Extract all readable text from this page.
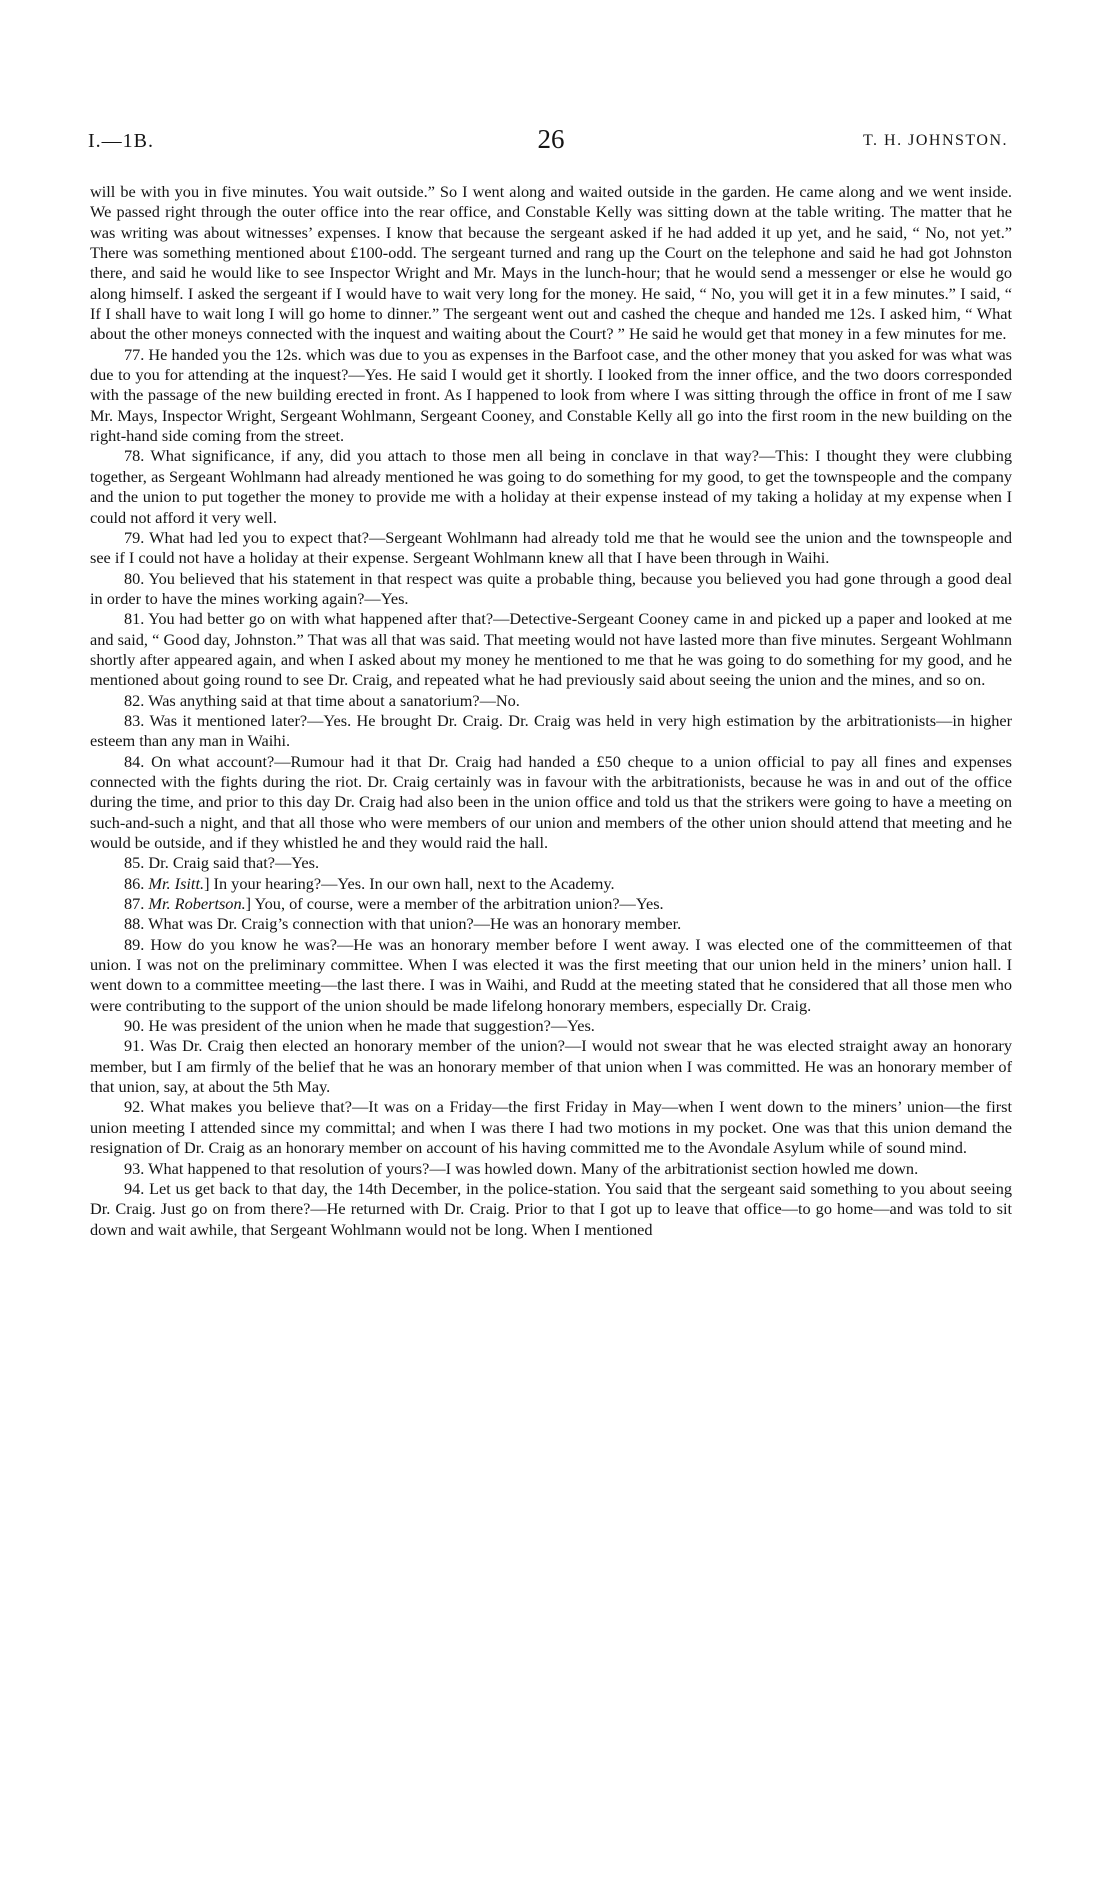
I.—1B.	26	T. H. JOHNSTON.

will be with you in five minutes. You wait outside.” So I went along and waited outside in the garden. He came along and we went inside. We passed right through the outer office into the rear office, and Constable Kelly was sitting down at the table writing. The matter that he was writing was about witnesses’ expenses. I know that because the sergeant asked if he had added it up yet, and he said, “ No, not yet.” There was something mentioned about £100-odd. The sergeant turned and rang up the Court on the telephone and said he had got Johnston there, and said he would like to see Inspector Wright and Mr. Mays in the lunch-hour; that he would send a messenger or else he would go along himself. I asked the sergeant if I would have to wait very long for the money. He said, “ No, you will get it in a few minutes.” I said, “ If I shall have to wait long I will go home to dinner.” The sergeant went out and cashed the cheque and handed me 12s. I asked him, “ What about the other moneys connected with the inquest and waiting about the Court? ” He said he would get that money in a few minutes for me.

77. He handed you the 12s. which was due to you as expenses in the Barfoot case, and the other money that you asked for was what was due to you for attending at the inquest?—Yes. He said I would get it shortly. I looked from the inner office, and the two doors corresponded with the passage of the new building erected in front. As I happened to look from where I was sitting through the office in front of me I saw Mr. Mays, Inspector Wright, Sergeant Wohlmann, Sergeant Cooney, and Constable Kelly all go into the first room in the new building on the right-hand side coming from the street.

78. What significance, if any, did you attach to those men all being in conclave in that way?—This: I thought they were clubbing together, as Sergeant Wohlmann had already mentioned he was going to do something for my good, to get the townspeople and the company and the union to put together the money to provide me with a holiday at their expense instead of my taking a holiday at my expense when I could not afford it very well.

79. What had led you to expect that?—Sergeant Wohlmann had already told me that he would see the union and the townspeople and see if I could not have a holiday at their expense. Sergeant Wohlmann knew all that I have been through in Waihi.

80. You believed that his statement in that respect was quite a probable thing, because you believed you had gone through a good deal in order to have the mines working again?—Yes.

81. You had better go on with what happened after that?—Detective-Sergeant Cooney came in and picked up a paper and looked at me and said, “ Good day, Johnston.” That was all that was said. That meeting would not have lasted more than five minutes. Sergeant Wohlmann shortly after appeared again, and when I asked about my money he mentioned to me that he was going to do something for my good, and he mentioned about going round to see Dr. Craig, and repeated what he had previously said about seeing the union and the mines, and so on.

82. Was anything said at that time about a sanatorium?—No.

83. Was it mentioned later?—Yes. He brought Dr. Craig. Dr. Craig was held in very high estimation by the arbitrationists—in higher esteem than any man in Waihi.

84. On what account?—Rumour had it that Dr. Craig had handed a £50 cheque to a union official to pay all fines and expenses connected with the fights during the riot. Dr. Craig certainly was in favour with the arbitrationists, because he was in and out of the office during the time, and prior to this day Dr. Craig had also been in the union office and told us that the strikers were going to have a meeting on such-and-such a night, and that all those who were members of our union and members of the other union should attend that meeting and he would be outside, and if they whistled he and they would raid the hall.

85. Dr. Craig said that?—Yes.

86. Mr. Isitt.] In your hearing?—Yes. In our own hall, next to the Academy.

87. Mr. Robertson.] You, of course, were a member of the arbitration union?—Yes.

88. What was Dr. Craig’s connection with that union?—He was an honorary member.

89. How do you know he was?—He was an honorary member before I went away. I was elected one of the committeemen of that union. I was not on the preliminary committee. When I was elected it was the first meeting that our union held in the miners’ union hall. I went down to a committee meeting—the last there. I was in Waihi, and Rudd at the meeting stated that he considered that all those men who were contributing to the support of the union should be made lifelong honorary members, especially Dr. Craig.

90. He was president of the union when he made that suggestion?—Yes.

91. Was Dr. Craig then elected an honorary member of the union?—I would not swear that he was elected straight away an honorary member, but I am firmly of the belief that he was an honorary member of that union when I was committed. He was an honorary member of that union, say, at about the 5th May.

92. What makes you believe that?—It was on a Friday—the first Friday in May—when I went down to the miners’ union—the first union meeting I attended since my committal; and when I was there I had two motions in my pocket. One was that this union demand the resignation of Dr. Craig as an honorary member on account of his having committed me to the Avondale Asylum while of sound mind.

93. What happened to that resolution of yours?—I was howled down. Many of the arbitrationist section howled me down.

94. Let us get back to that day, the 14th December, in the police-station. You said that the sergeant said something to you about seeing Dr. Craig. Just go on from there?—He returned with Dr. Craig. Prior to that I got up to leave that office—to go home—and was told to sit down and wait awhile, that Sergeant Wohlmann would not be long. When I mentioned
